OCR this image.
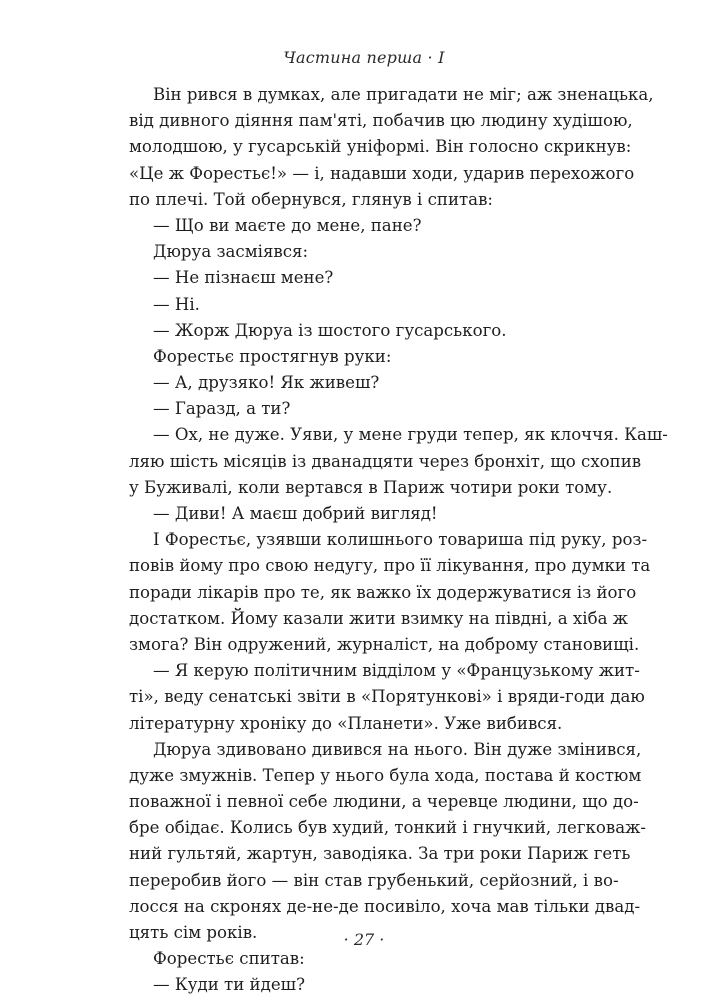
Частина перша · I
Він рився в думках, але пригадати не міг; аж зненацька,
від дивного діяння пам'яті, побачив цю людину худішою,
молодшою, у гусарській уніформі. Він голосно скрикнув:
«Це ж Форестьє!» — і, надавши ходи, ударив перехожого
по плечі. Той обернувся, глянув і спитав:
— Що ви маєте до мене, пане?
Дюруа засміявся:
— Не пізнаєш мене?
— Ні.
— Жорж Дюруа із шостого гусарського.
Форестьє простягнув руки:
— А, друзяко! Як живеш?
— Гаразд, а ти?
— Ох, не дуже. Уяви, у мене груди тепер, як клоччя. Каш-
ляю шість місяців із дванадцяти через бронхіт, що схопив
у Буживалі, коли вертався в Париж чотири роки тому.
— Диви! А маєш добрий вигляд!
І Форестьє, узявши колишнього товариша під руку, роз-
повів йому про свою недугу, про її лікування, про думки та
поради лікарів про те, як важко їх додержуватися із його
достатком. Йому казали жити взимку на півдні, а хіба ж
змога? Він одружений, журналіст, на доброму становищі.
— Я керую політичним відділом у «Французькому жит-
ті», веду сенатські звіти в «Порятункові» і вряди-годи даю
літературну хроніку до «Планети». Уже вибився.
Дюруа здивовано дивився на нього. Він дуже змінився,
дуже змужнів. Тепер у нього була хода, постава й костюм
поважної і певної себе людини, а черевце людини, що до-
бре обідає. Колись був худий, тонкий і гнучкий, легковаж-
ний гультяй, жартун, заводіяка. За три роки Париж геть
переробив його — він став грубенький, серйозний, і во-
лосся на скронях де-не-де посивіло, хоча мав тільки двад-
цять сім років.
Форестьє спитав:
— Куди ти йдеш?
· 27 ·
